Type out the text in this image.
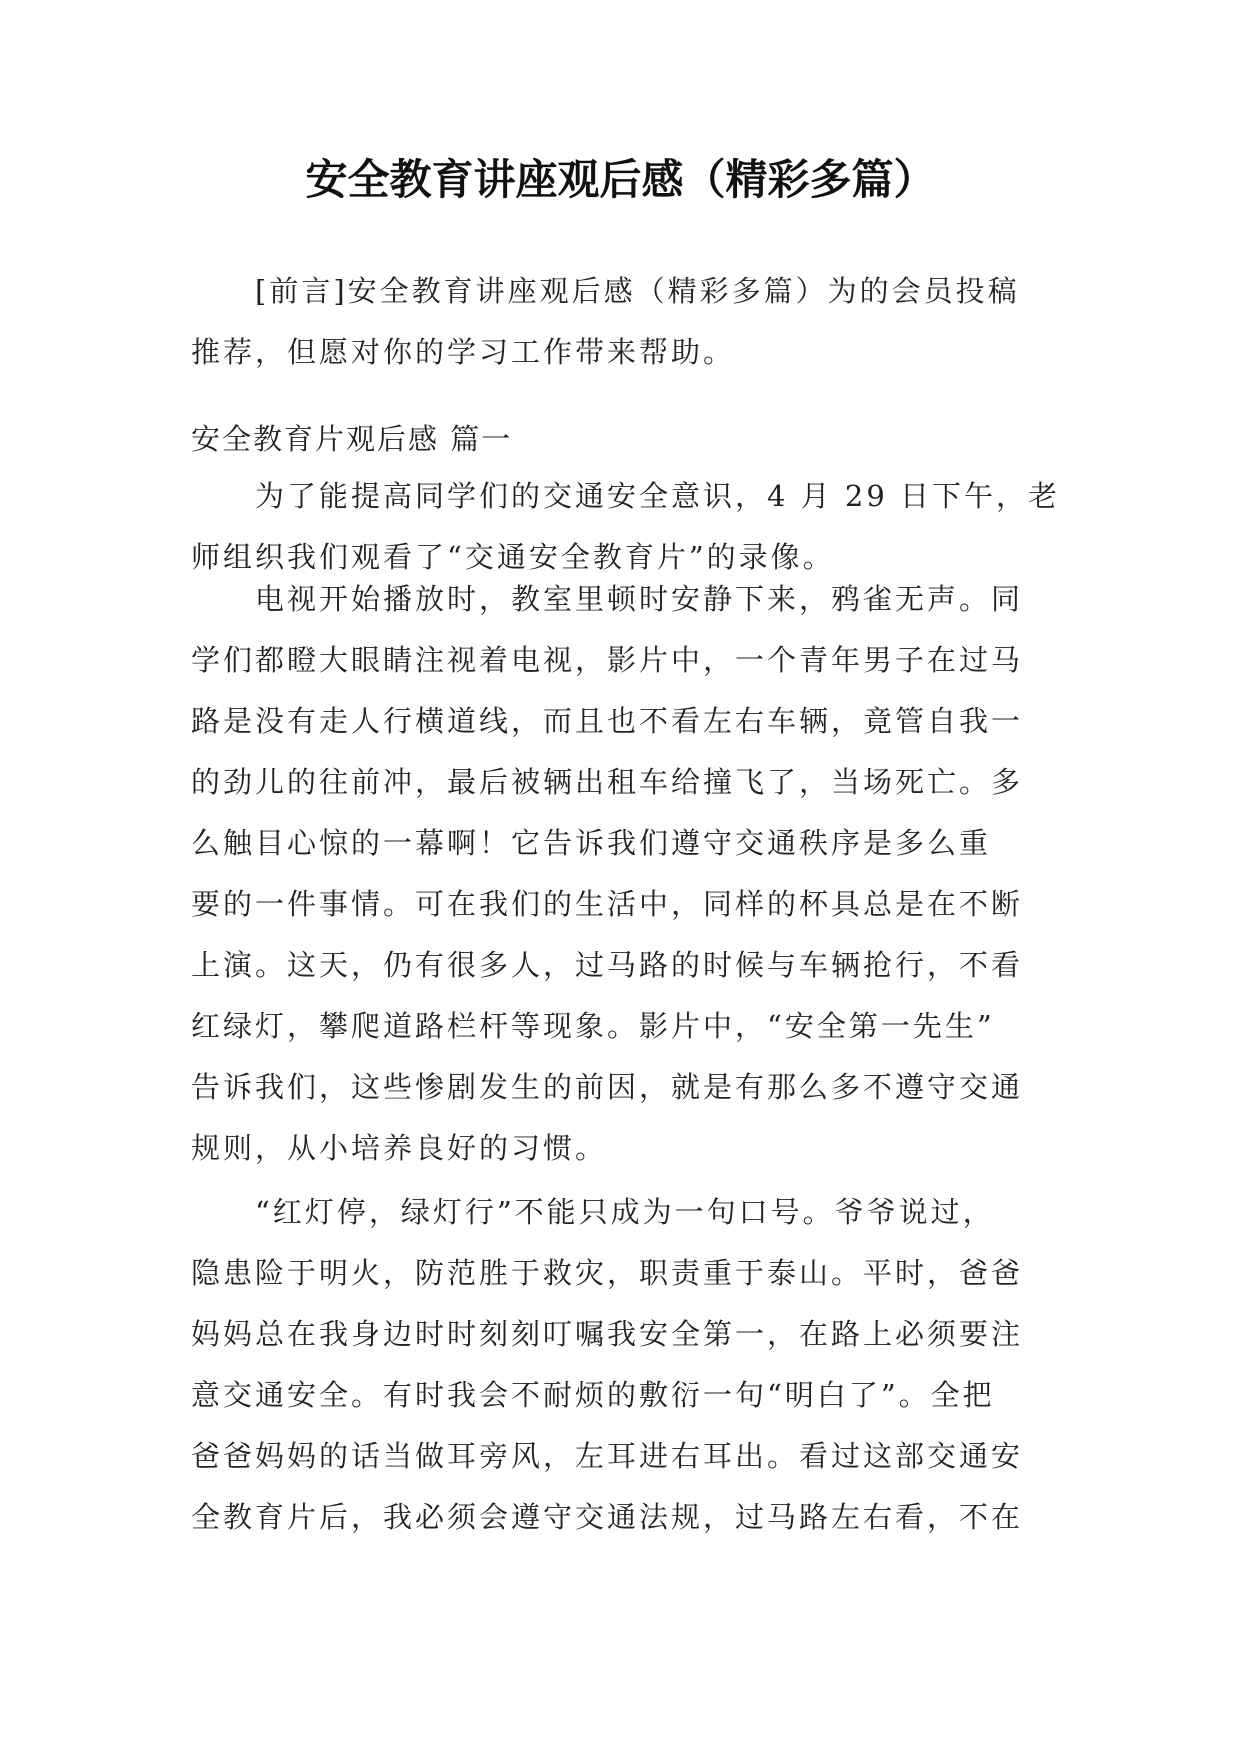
安全教育讲座观后感（精彩多篇）
[前言]安全教育讲座观后感（精彩多篇）为的会员投稿
推荐，但愿对你的学习工作带来帮助。
安全教育片观后感 篇一
为了能提高同学们的交通安全意识，4 月 29 日下午，老
师组织我们观看了“交通安全教育片”的录像。
电视开始播放时，教室里顿时安静下来，鸦雀无声。同
学们都瞪大眼睛注视着电视，影片中，一个青年男子在过马
路是没有走人行横道线，而且也不看左右车辆，竟管自我一
的劲儿的往前冲，最后被辆出租车给撞飞了，当场死亡。多
么触目心惊的一幕啊！它告诉我们遵守交通秩序是多么重
要的一件事情。可在我们的生活中，同样的杯具总是在不断
上演。这天，仍有很多人，过马路的时候与车辆抢行，不看
红绿灯，攀爬道路栏杆等现象。影片中，“安全第一先生”
告诉我们，这些惨剧发生的前因，就是有那么多不遵守交通
规则，从小培养良好的习惯。
“红灯停，绿灯行”不能只成为一句口号。爷爷说过，
隐患险于明火，防范胜于救灾，职责重于泰山。平时，爸爸
妈妈总在我身边时时刻刻叮嘱我安全第一，在路上必须要注
意交通安全。有时我会不耐烦的敷衍一句“明白了”。全把
爸爸妈妈的话当做耳旁风，左耳进右耳出。看过这部交通安
全教育片后，我必须会遵守交通法规，过马路左右看，不在
